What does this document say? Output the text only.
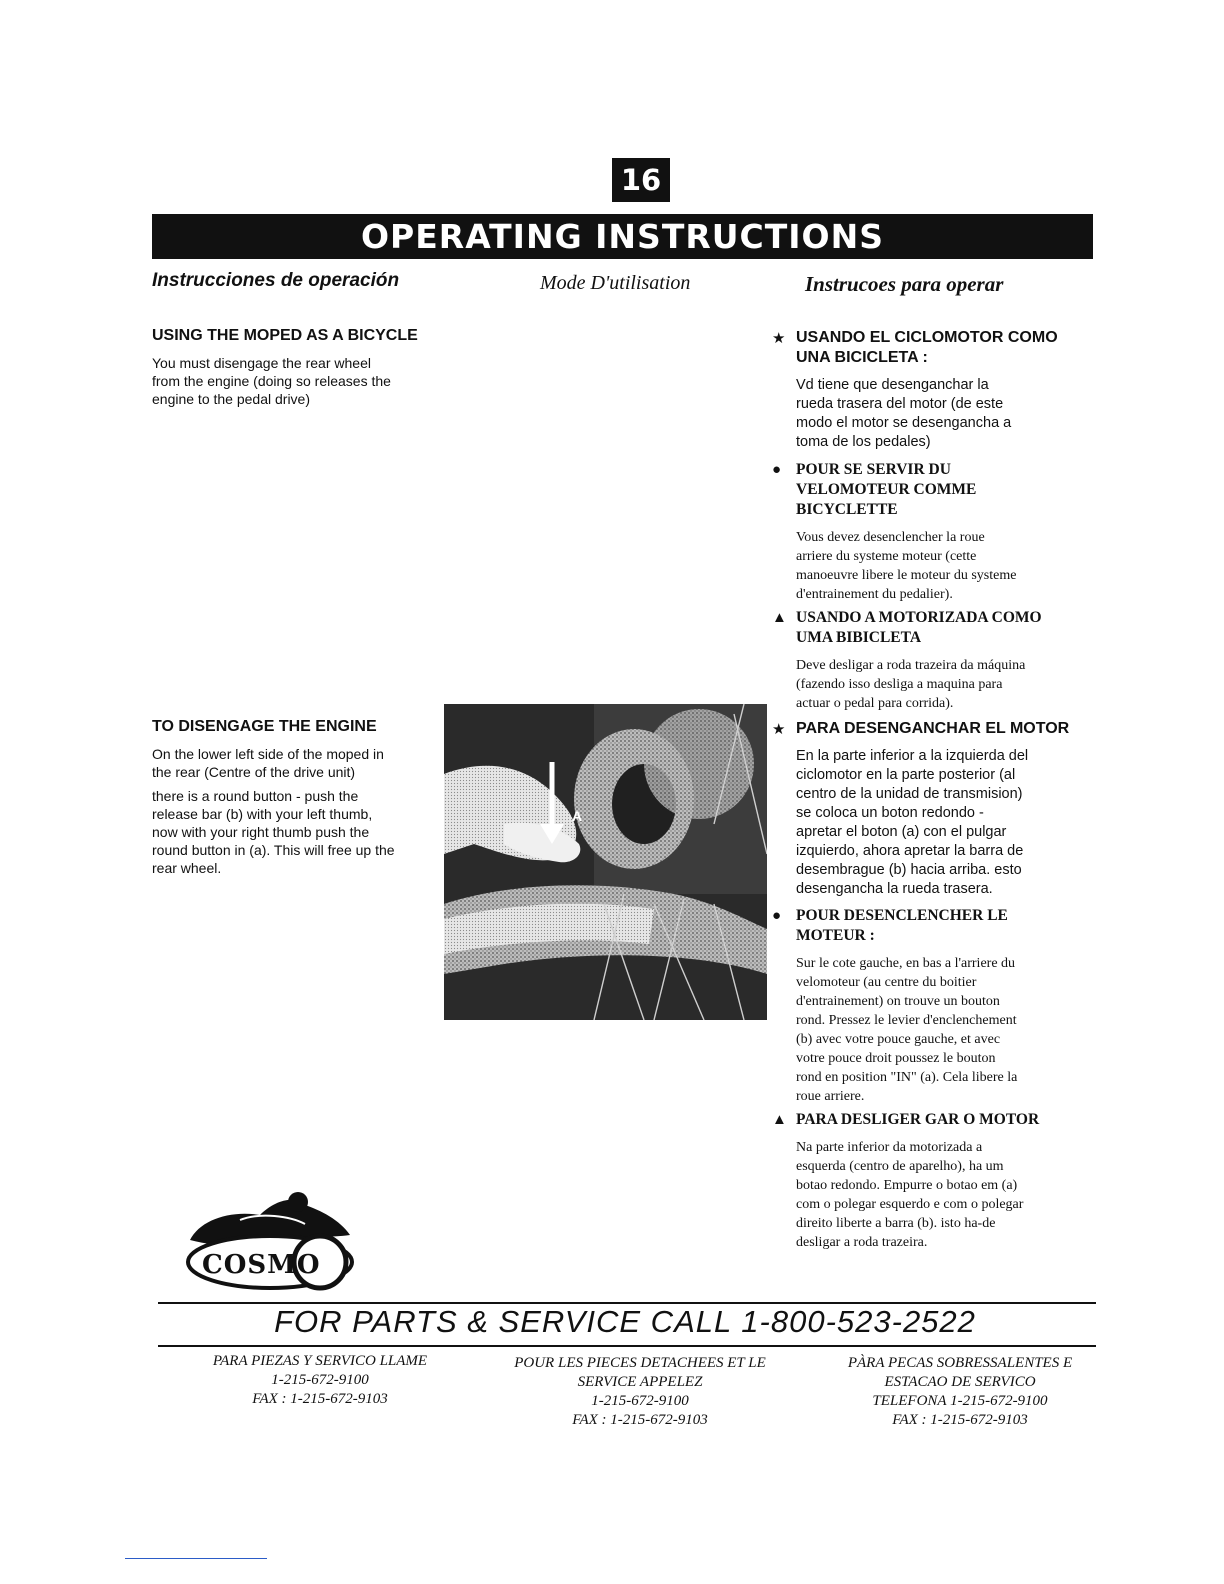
16
OPERATING INSTRUCTIONS
Instrucciones de operación	Mode D'utilisation	Instrucoes para operar
USING THE MOPED AS A BICYCLE
You must disengage the rear wheel
from the engine (doing so releases the
engine to the pedal drive)
TO DISENGAGE THE ENGINE
On the lower left side of the moped in
the rear (Centre of the drive unit)
there is a round button - push the
release bar (b) with your left thumb,
now with your right thumb push the
round button in (a). This will free up the
rear wheel.
A
★ USANDO EL CICLOMOTOR COMO
UNA BICICLETA :
Vd tiene que desenganchar la
rueda trasera del motor (de este
modo el motor se desengancha a
toma de los pedales)
● POUR SE SERVIR DU
VELOMOTEUR COMME
BICYCLETTE
Vous devez desenclencher la roue
arriere du systeme moteur (cette
manoeuvre libere le moteur du systeme
d'entrainement du pedalier).
▲ USANDO A MOTORIZADA COMO
UMA BIBICLETA
Deve desligar a roda trazeira da máquina
(fazendo isso desliga a maquina para
actuar o pedal para corrida).
★ PARA DESENGANCHAR EL MOTOR
En la parte inferior a la izquierda del
ciclomotor en la parte posterior (al
centro de la unidad de transmision)
se coloca un boton redondo -
apretar el boton (a) con el pulgar
izquierdo, ahora apretar la barra de
desembrague (b) hacia arriba. esto
desengancha la rueda trasera.
● POUR DESENCLENCHER LE
MOTEUR :
Sur le cote gauche, en bas a l'arriere du
velomoteur (au centre du boitier
d'entrainement) on trouve un bouton
rond. Pressez le levier d'enclenchement
(b) avec votre pouce gauche, et avec
votre pouce droit poussez le bouton
rond en position "IN" (a). Cela libere la
roue arriere.
▲ PARA DESLIGER GAR O MOTOR
Na parte inferior da motorizada a
esquerda (centro de aparelho), ha um
botao redondo. Empurre o botao em (a)
com o polegar esquerdo e com o polegar
direito liberte a barra (b). isto ha-de
desligar a roda trazeira.
COSMO
FOR PARTS & SERVICE CALL 1-800-523-2522
PARA PIEZAS Y SERVICO LLAME
1-215-672-9100
FAX : 1-215-672-9103
POUR LES PIECES DETACHEES ET LE
SERVICE APPELEZ
1-215-672-9100
FAX : 1-215-672-9103
PÀRA PECAS SOBRESSALENTES E
ESTACAO DE SERVICO
TELEFONA 1-215-672-9100
FAX : 1-215-672-9103
